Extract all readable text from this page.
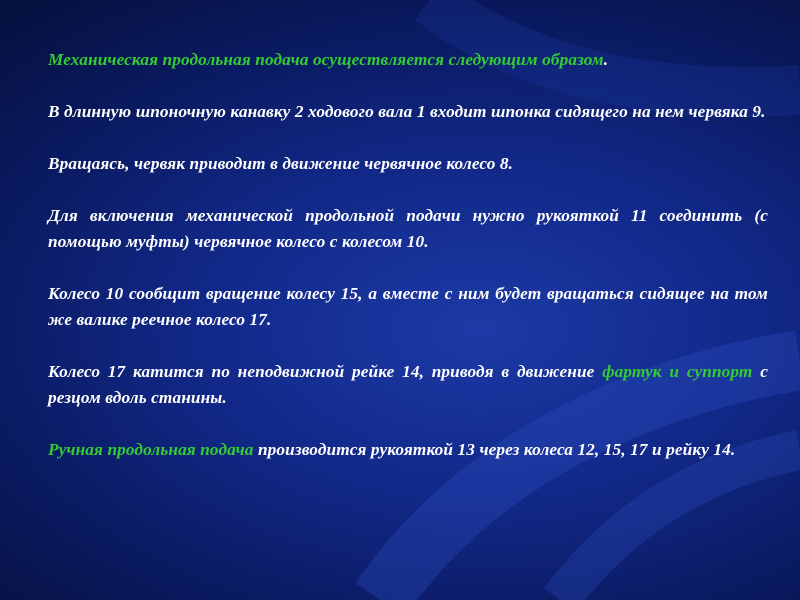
Механическая продольная подача осуществляется следующим образом.

В длинную шпоночную канавку 2 ходового вала 1 входит шпонка сидящего на нем червяка 9.

Вращаясь, червяк приводит в движение червячное колесо 8.

Для включения механической продольной подачи нужно рукояткой 11 соединить (с помощью муфты) червячное колесо с колесом 10.

Колесо 10 сообщит вращение колесу 15, а вместе с ним будет вращаться сидящее на том же валике реечное колесо 17.

Колесо 17 катится по неподвижной рейке 14, приводя в движение фартук и суппорт с резцом вдоль станины.

Ручная продольная подача производится рукояткой 13 через колеса 12, 15, 17 и рейку 14.
